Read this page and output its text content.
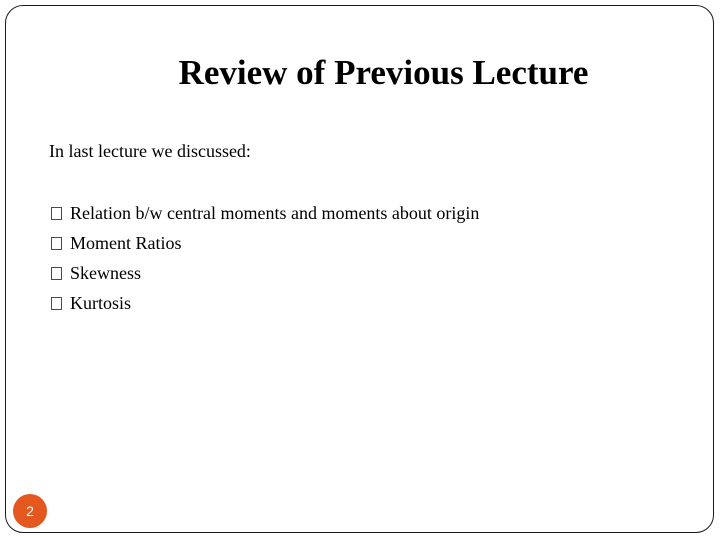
Review of Previous Lecture
In last lecture we discussed:
Relation b/w central moments and moments about origin
Moment Ratios
Skewness
Kurtosis
2
